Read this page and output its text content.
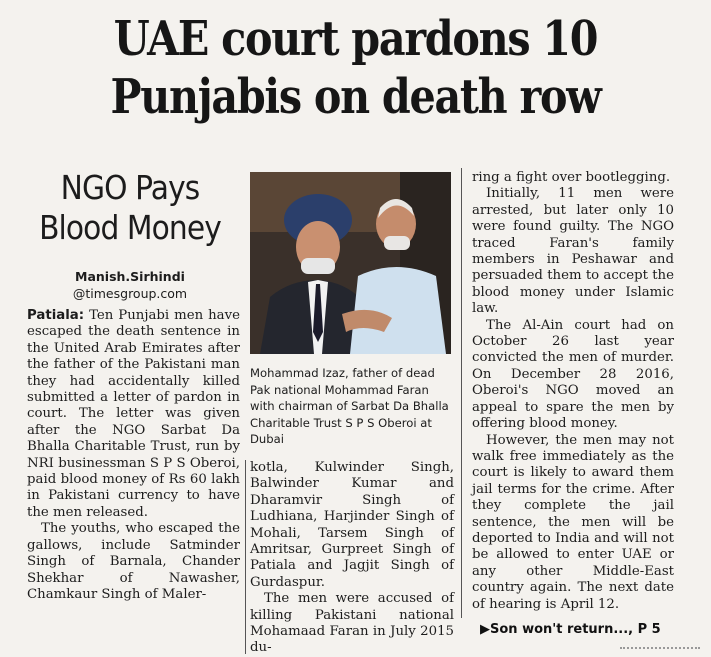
UAE court pardons 10
Punjabis on death row
NGO Pays
Blood Money
Manish.Sirhindi
@timesgroup.com
Mohammad Izaz, father of dead Pak national Mohammad Faran with chairman of Sarbat Da Bhalla Charitable Trust S P S Oberoi at Dubai

Patiala: Ten Punjabi men have escaped the death sentence in the United Arab Emirates after the father of the Pakistani man they had accidentally killed submitted a letter of pardon in court. The letter was given after the NGO Sarbat Da Bhalla Charitable Trust, run by NRI businessman S P S Oberoi, paid blood money of Rs 60 lakh in Pakistani currency to have the men released.

The youths, who escaped the gallows, include Satminder Singh of Barnala, Chander Shekhar of Nawasher, Chamkaur Singh of Maler-

kotla, Kulwinder Singh, Balwinder Kumar and Dharamvir Singh of Ludhiana, Harjinder Singh of Mohali, Tarsem Singh of Amritsar, Gurpreet Singh of Patiala and Jagjit Singh of Gurdaspur.

The men were accused of killing Pakistani national Mohamaad Faran in July 2015 du-

ring a fight over bootlegging.

Initially, 11 men were arrested, but later only 10 were found guilty. The NGO traced Faran's family members in Peshawar and persuaded them to accept the blood money under Islamic law.

The Al-Ain court had on October 26 last year convicted the men of murder. On December 28 2016, Oberoi's NGO moved an appeal to spare the men by offering blood money.

However, the men may not walk free immediately as the court is likely to award them jail terms for the crime. After they complete the jail sentence, the men will be deported to India and will not be allowed to enter UAE or any other Middle-East country again. The next date of hearing is April 12.

▶Son won't return..., P 5
